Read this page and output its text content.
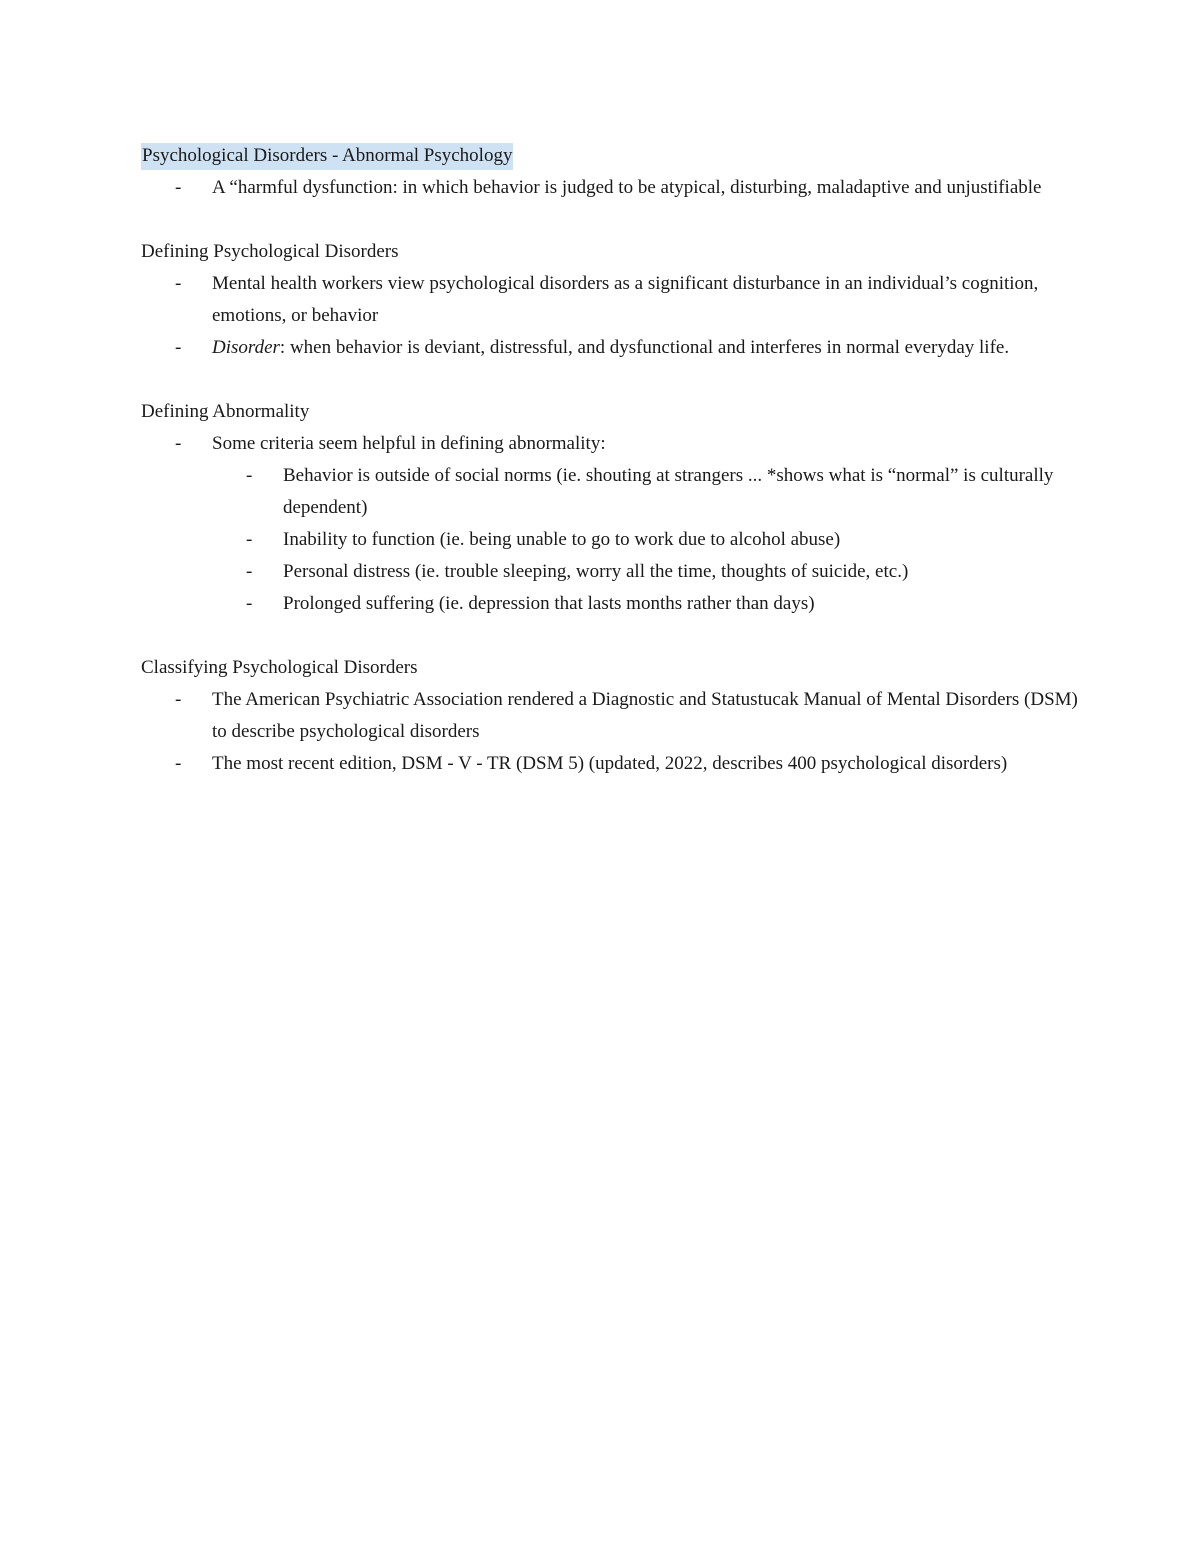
Psychological Disorders - Abnormal Psychology

- A “harmful dysfunction: in which behavior is judged to be atypical, disturbing, maladaptive and unjustifiable

Defining Psychological Disorders

- Mental health workers view psychological disorders as a significant disturbance in an individual’s cognition, emotions, or behavior
- Disorder: when behavior is deviant, distressful, and dysfunctional and interferes in normal everyday life.

Defining Abnormality

- Some criteria seem helpful in defining abnormality:
- Behavior is outside of social norms (ie. shouting at strangers ... *shows what is “normal” is culturally dependent)
- Inability to function (ie. being unable to go to work due to alcohol abuse)
- Personal distress (ie. trouble sleeping, worry all the time, thoughts of suicide, etc.)
- Prolonged suffering (ie. depression that lasts months rather than days)

Classifying Psychological Disorders

- The American Psychiatric Association rendered a Diagnostic and Statustucak Manual of Mental Disorders (DSM) to describe psychological disorders
- The most recent edition, DSM - V - TR (DSM 5) (updated, 2022, describes 400 psychological disorders)
